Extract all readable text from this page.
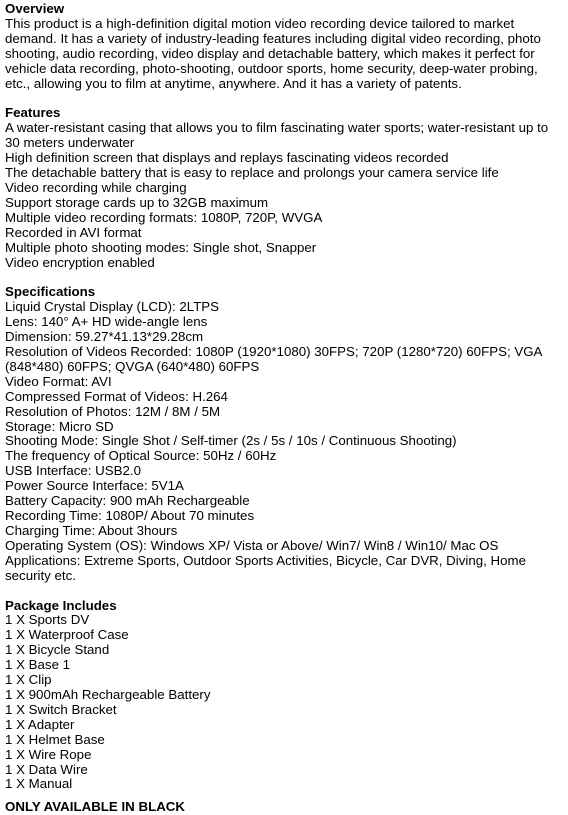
Overview

This product is a high-definition digital motion video recording device tailored to market demand. It has a variety of industry-leading features including digital video recording, photo shooting, audio recording, video display and detachable battery, which makes it perfect for vehicle data recording, photo-shooting, outdoor sports, home security, deep-water probing, etc., allowing you to film at anytime, anywhere. And it has a variety of patents.

Features

A water-resistant casing that allows you to film fascinating water sports; water-resistant up to 30 meters underwater

High definition screen that displays and replays fascinating videos recorded

The detachable battery that is easy to replace and prolongs your camera service life

Video recording while charging

Support storage cards up to 32GB maximum

Multiple video recording formats: 1080P, 720P, WVGA

Recorded in AVI format

Multiple photo shooting modes: Single shot, Snapper

Video encryption enabled

Specifications

Liquid Crystal Display (LCD): 2LTPS

Lens: 140° A+ HD wide-angle lens

Dimension: 59.27*41.13*29.28cm

Resolution of Videos Recorded: 1080P (1920*1080) 30FPS; 720P (1280*720) 60FPS; VGA (848*480) 60FPS; QVGA (640*480) 60FPS

Video Format: AVI

Compressed Format of Videos: H.264

Resolution of Photos: 12M / 8M / 5M

Storage: Micro SD

Shooting Mode: Single Shot / Self-timer (2s / 5s / 10s / Continuous Shooting)

The frequency of Optical Source: 50Hz / 60Hz

USB Interface: USB2.0

Power Source Interface: 5V1A

Battery Capacity: 900 mAh Rechargeable

Recording Time: 1080P/ About 70 minutes

Charging Time: About 3hours

Operating System (OS): Windows XP/ Vista or Above/ Win7/ Win8 / Win10/ Mac OS

Applications: Extreme Sports, Outdoor Sports Activities, Bicycle, Car DVR, Diving, Home security etc.

Package Includes

1 X Sports DV

1 X Waterproof Case

1 X Bicycle Stand

1 X Base 1

1 X Clip

1 X 900mAh Rechargeable Battery

1 X Switch Bracket

1 X Adapter

1 X Helmet Base

1 X Wire Rope

1 X Data Wire

1 X Manual

ONLY AVAILABLE IN BLACK
